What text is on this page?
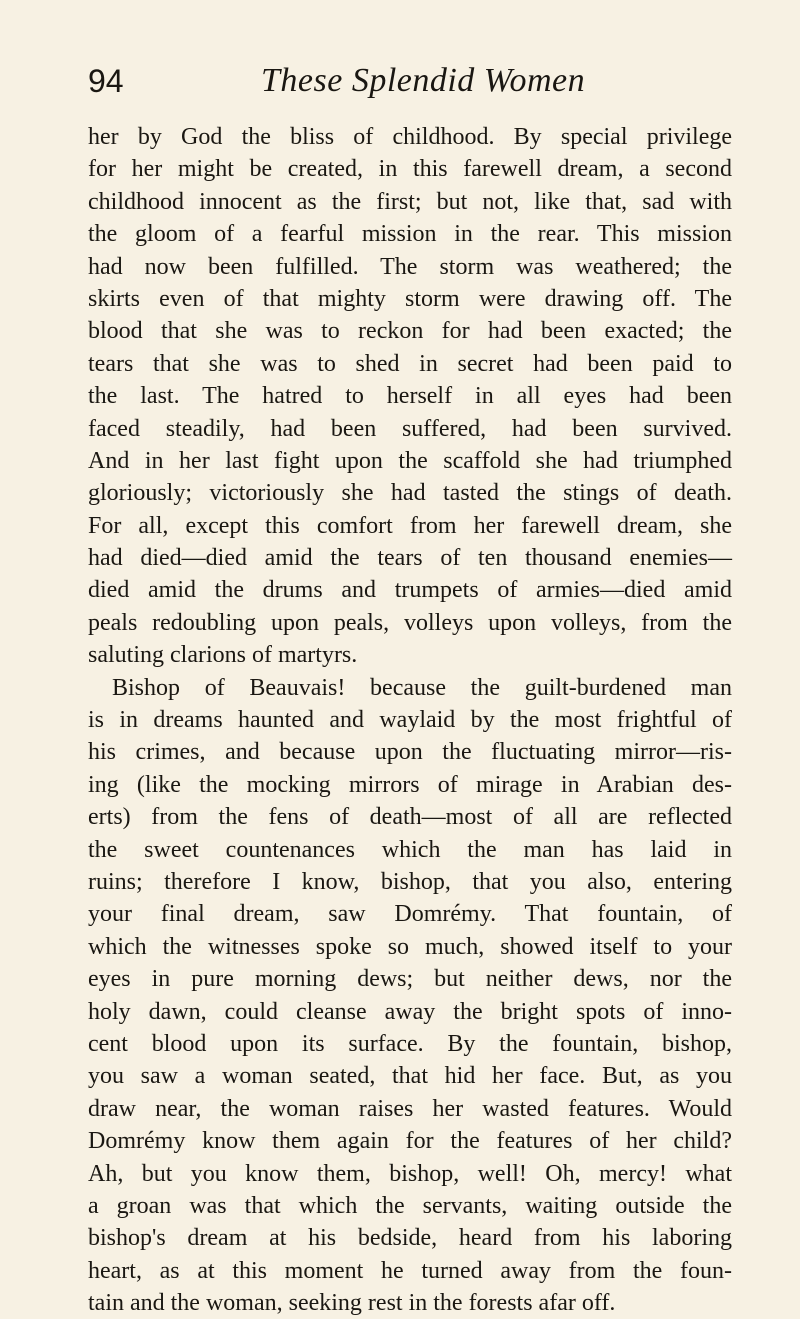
94	These Splendid Women
her by God the bliss of childhood. By special privilege
for her might be created, in this farewell dream, a second
childhood innocent as the first; but not, like that, sad with
the gloom of a fearful mission in the rear. This mission
had now been fulfilled. The storm was weathered; the
skirts even of that mighty storm were drawing off. The
blood that she was to reckon for had been exacted; the
tears that she was to shed in secret had been paid to
the last. The hatred to herself in all eyes had been
faced steadily, had been suffered, had been survived.
And in her last fight upon the scaffold she had triumphed
gloriously; victoriously she had tasted the stings of death.
For all, except this comfort from her farewell dream, she
had died—died amid the tears of ten thousand enemies—
died amid the drums and trumpets of armies—died amid
peals redoubling upon peals, volleys upon volleys, from the
saluting clarions of martyrs.
Bishop of Beauvais! because the guilt-burdened man
is in dreams haunted and waylaid by the most frightful of
his crimes, and because upon the fluctuating mirror—ris-
ing (like the mocking mirrors of mirage in Arabian des-
erts) from the fens of death—most of all are reflected
the sweet countenances which the man has laid in
ruins; therefore I know, bishop, that you also, entering
your final dream, saw Domrémy. That fountain, of
which the witnesses spoke so much, showed itself to your
eyes in pure morning dews; but neither dews, nor the
holy dawn, could cleanse away the bright spots of inno-
cent blood upon its surface. By the fountain, bishop,
you saw a woman seated, that hid her face. But, as you
draw near, the woman raises her wasted features. Would
Domrémy know them again for the features of her child?
Ah, but you know them, bishop, well! Oh, mercy! what
a groan was that which the servants, waiting outside the
bishop's dream at his bedside, heard from his laboring
heart, as at this moment he turned away from the foun-
tain and the woman, seeking rest in the forests afar off.
